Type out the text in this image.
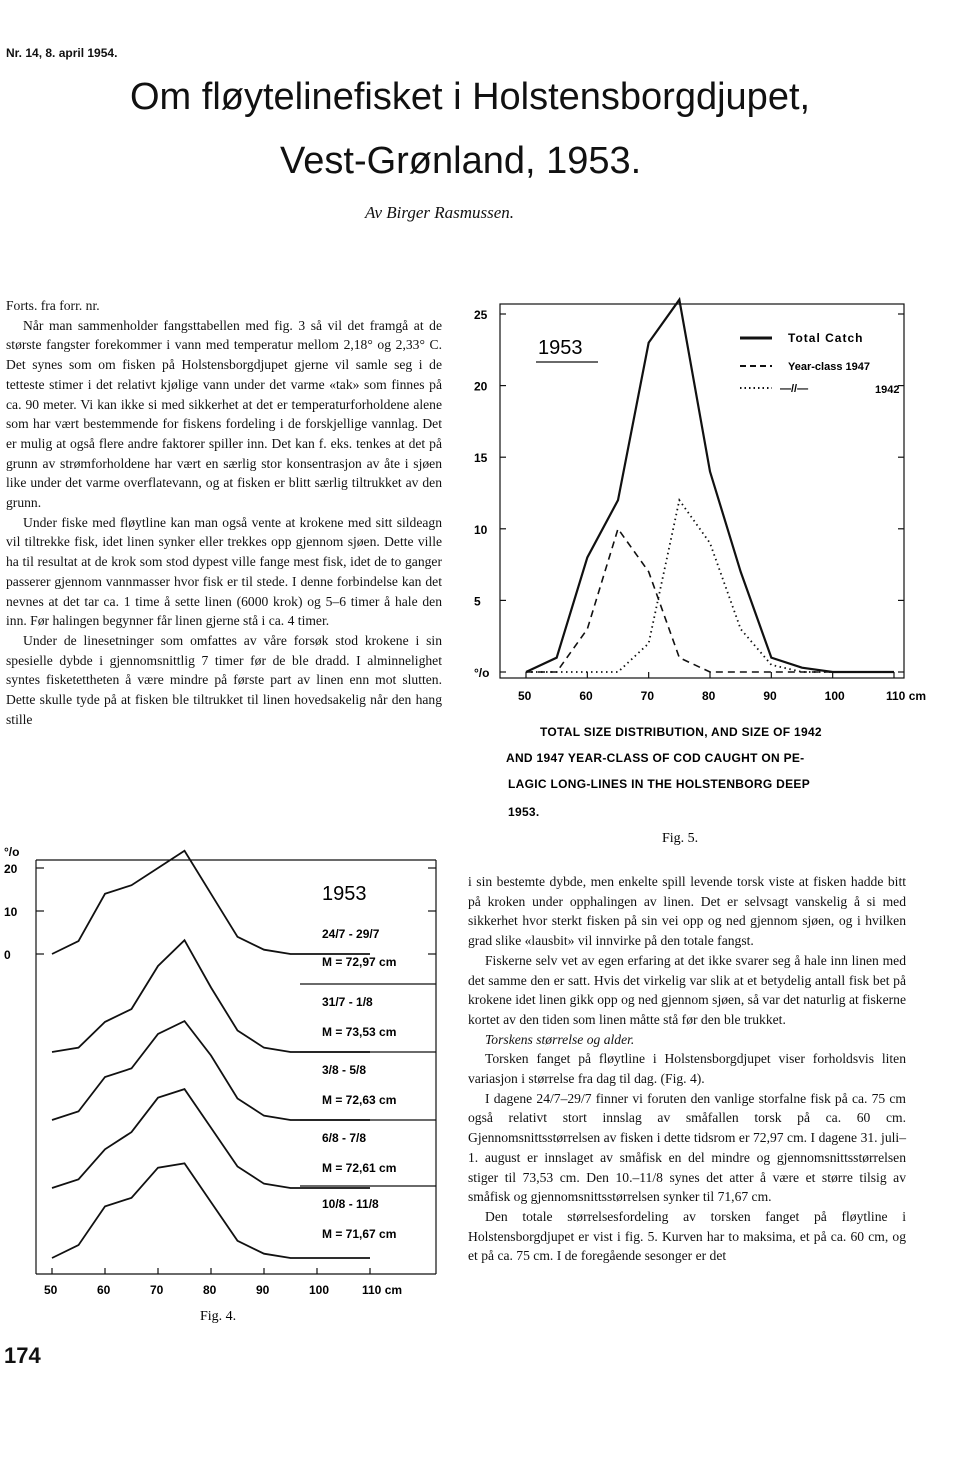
Nr. 14, 8. april 1954.
Om fløytelinefisket i Holstensborgdjupet,
Vest-Grønland, 1953.
Av Birger Rasmussen.

Forts. fra forr. nr.

Når man sammenholder fangsttabellen med fig. 3 så vil det framgå at de største fangster forekommer i vann med temperatur mellom 2,18° og 2,33° C. Det synes som om fisken på Holstensborgdjupet gjerne vil samle seg i de tetteste stimer i det relativt kjølige vann under det varme «tak» som finnes på ca. 90 meter. Vi kan ikke si med sikkerhet at det er temperaturforholdene alene som har vært bestemmende for fiskens fordeling i de forskjellige vannlag. Det er mulig at også flere andre faktorer spiller inn. Det kan f. eks. tenkes at det på grunn av strømforholdene har vært en særlig stor konsentrasjon av åte i sjøen like under det varme overflatevann, og at fisken er blitt særlig tiltrukket av den grunn.

Under fiske med fløytline kan man også vente at krokene med sitt sildeagn vil tiltrekke fisk, idet linen synker eller trekkes opp gjennom sjøen. Dette ville ha til resultat at de krok som stod dypest ville fange mest fisk, idet de to ganger passerer gjennom vannmasser hvor fisk er til stede. I denne forbindelse kan det nevnes at det tar ca. 1 time å sette linen (6000 krok) og 5–6 timer å hale den inn. Før halingen begynner får linen gjerne stå i ca. 4 timer.

Under de linesetninger som omfattes av våre forsøk stod krokene i sin spesielle dybde i gjennomsnittlig 7 timer før de ble dradd. I alminnelighet syntes fisketettheten å være mindre på første part av linen enn mot slutten. Dette skulle tyde på at fisken ble tiltrukket til linen hovedsakelig når den hang stille

i sin bestemte dybde, men enkelte spill levende torsk viste at fisken hadde bitt på kroken under opphalingen av linen. Det er selvsagt vanskelig å si med sikkerhet hvor sterkt fisken på sin vei opp og ned gjennom sjøen, og i hvilken grad slike «lausbit» vil innvirke på den totale fangst.

Fiskerne selv vet av egen erfaring at det ikke svarer seg å hale inn linen med det samme den er satt. Hvis det virkelig var slik at et betydelig antall fisk bet på krokene idet linen gikk opp og ned gjennom sjøen, så var det naturlig at fiskerne kortet av den tiden som linen måtte stå før den ble trukket.

Torskens størrelse og alder.

Torsken fanget på fløytline i Holstensborgdjupet viser forholdsvis liten variasjon i størrelse fra dag til dag. (Fig. 4).

I dagene 24/7–29/7 finner vi foruten den vanlige storfalne fisk på ca. 75 cm også relativt stort innslag av småfallen torsk på ca. 60 cm. Gjennomsnittsstørrelsen av fisken i dette tidsrom er 72,97 cm. I dagene 31. juli–1. august er innslaget av småfisk en del mindre og gjennomsnittsstørrelsen stiger til 73,53 cm. Den 10.–11/8 synes det atter å være et større tilsig av småfisk og gjennomsnittsstørrelsen synker til 71,67 cm.

Den totale størrelsesfordeling av torsken fanget på fløytline i Holstensborgdjupet er vist i fig. 5. Kurven har to maksima, et på ca. 60 cm, og et på ca. 75 cm. I de foregående sesonger er det

25
20
15
10
5
°/o
50	60	70	80	90	100	110 cm
1953	Total Catch
Year-class 1947
—//—	1942
TOTAL SIZE DISTRIBUTION, AND SIZE OF 1942
AND 1947 YEAR-CLASS OF COD CAUGHT ON PE-
LAGIC LONG-LINES IN THE HOLSTENBORG DEEP
1953.
Fig. 5.
20
10
0
°/o
50	60	70	80	90	100	110 cm
1953
24/7 - 29/7
M = 72,97 cm
31/7 - 1/8
M = 73,53 cm
3/8 - 5/8
M = 72,63 cm
6/8 - 7/8
M = 72,61 cm
10/8 - 11/8
M = 71,67 cm
Fig. 4.
174
